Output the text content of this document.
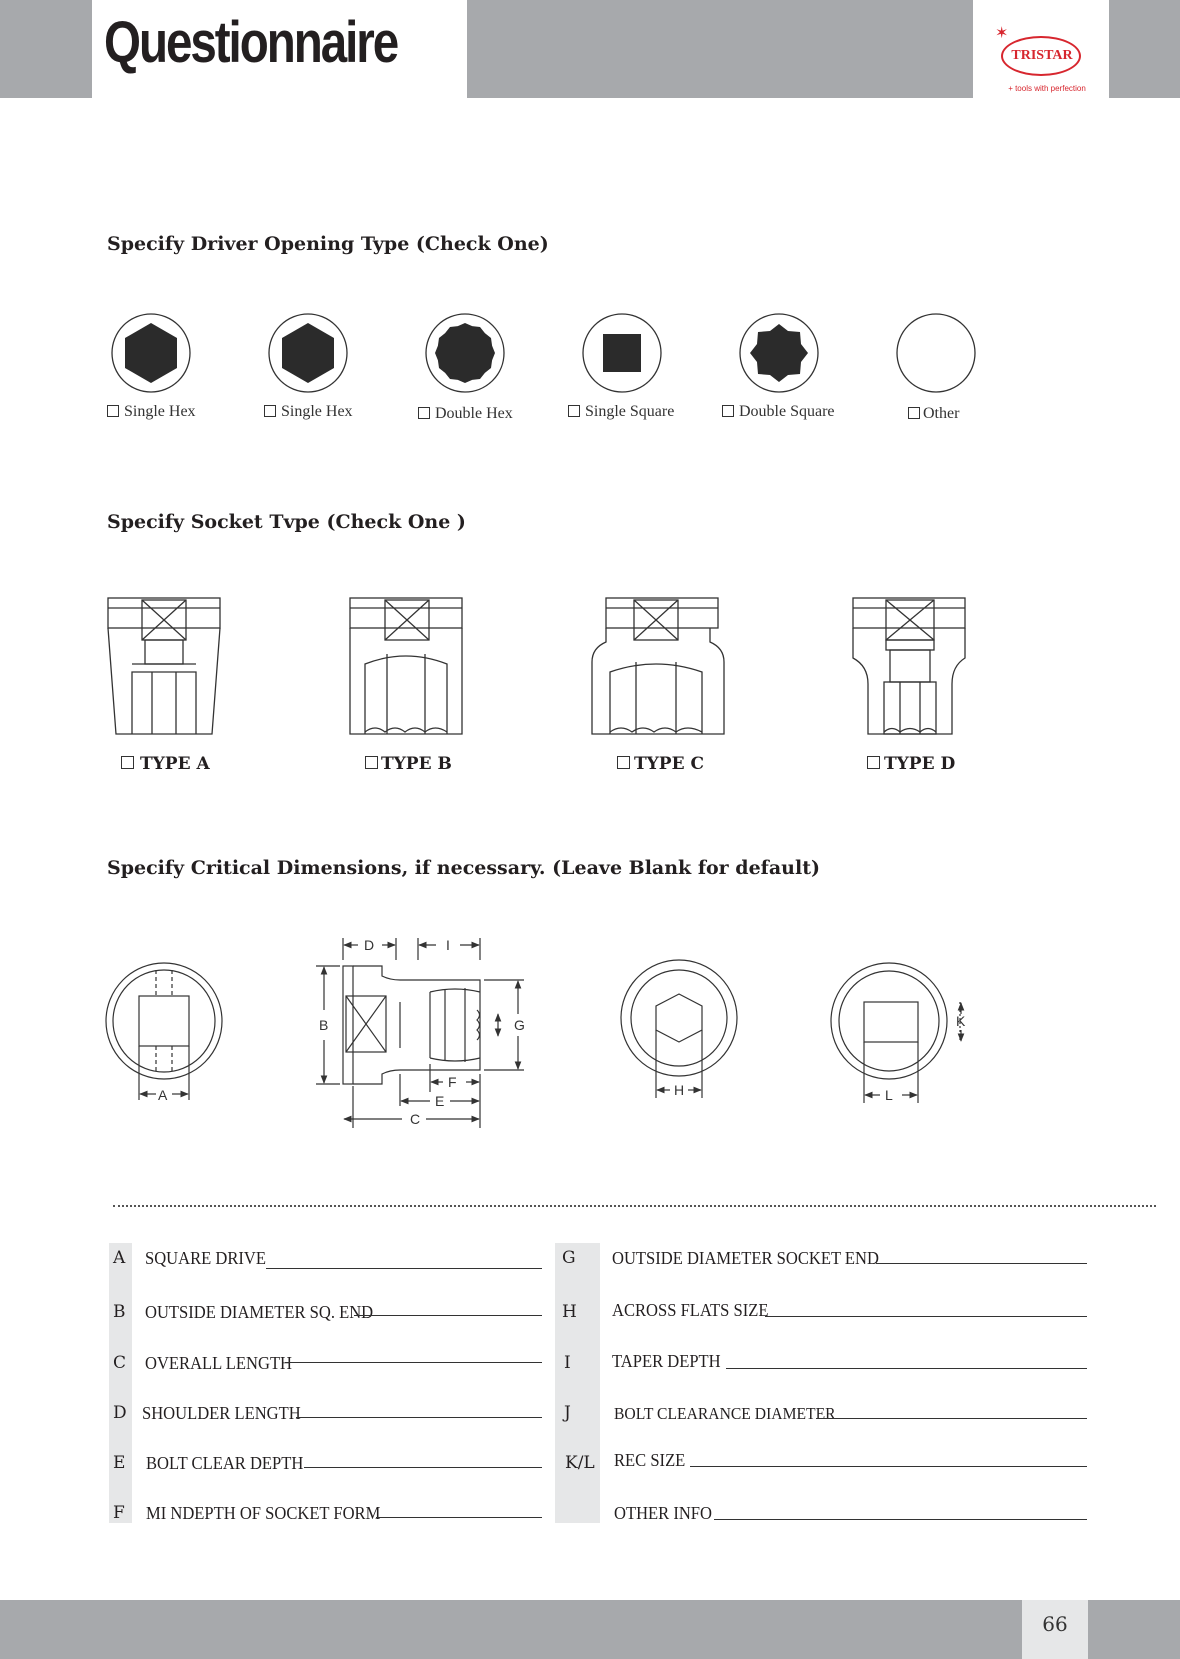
Questionnaire	✶
TRISTAR
+ tools with perfection
Specify Driver Opening Type (Check One)
Single Hex	Single Hex	Double Hex	Single Square	Double Square	Other
Specify Socket Tvpe (Check One )
TYPE A	TYPE B	TYPE C	TYPE D
Specify Critical Dimensions, if necessary. (Leave Blank for default)
A
B
C
D
E
F
G
H
I
K
L
A SQUARE DRIVE
B OUTSIDE DIAMETER SQ. END
C OVERALL LENGTH
D SHOULDER LENGTH
E BOLT CLEAR DEPTH
F MI NDEPTH OF SOCKET FORM
G OUTSIDE DIAMETER SOCKET END
H ACROSS FLATS SIZE
I TAPER DEPTH
J	BOLT CLEARANCE DIAMETER
K/L REC SIZE
OTHER INFO
66
